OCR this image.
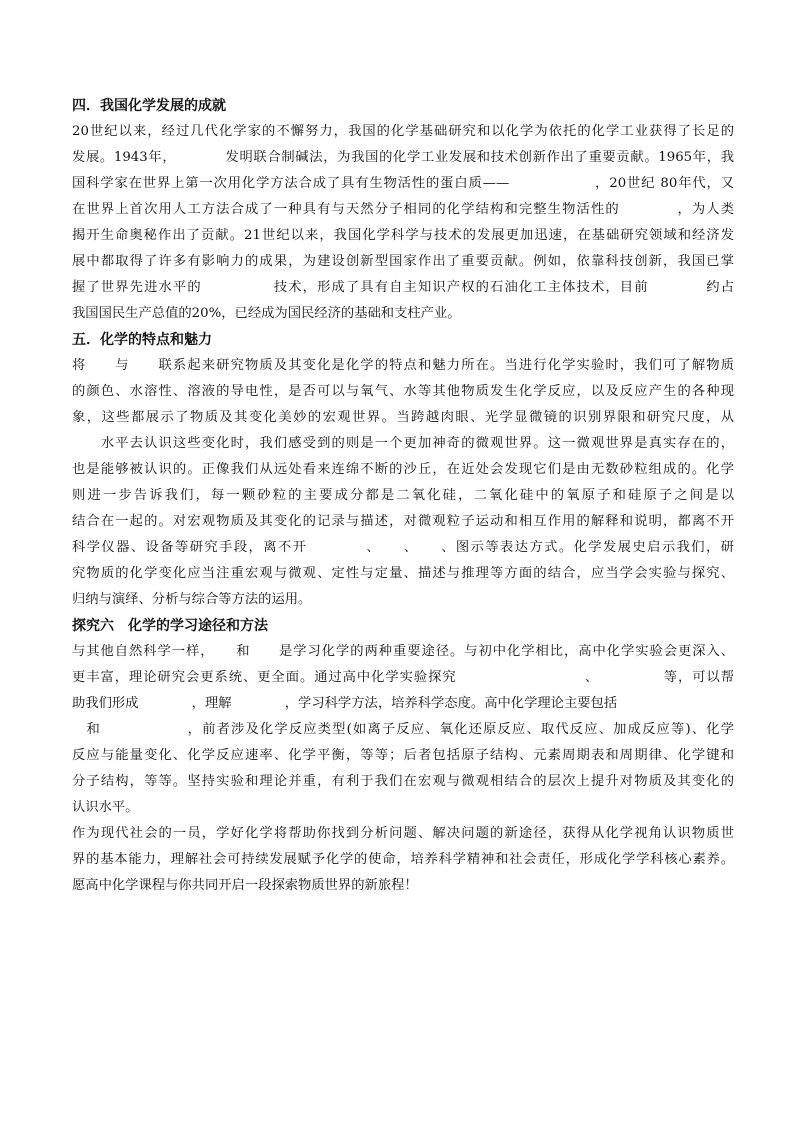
四．我国化学发展的成就
20世纪以来，经过几代化学家的不懈努力，我国的化学基础研究和以化学为依托的化学工业获得了长足的
发展。1943年，　　　　发明联合制碱法，为我国的化学工业发展和技术创新作出了重要贡献。1965年，我
国科学家在世界上第一次用化学方法合成了具有生物活性的蛋白质——　　　　　　，20世纪 80年代，又
在世界上首次用人工方法合成了一种具有与天然分子相同的化学结构和完整生物活性的　　　　，为人类
揭开生命奥秘作出了贡献。21世纪以来，我国化学科学与技术的发展更加迅速，在基础研究领域和经济发
展中都取得了许多有影响力的成果，为建设创新型国家作出了重要贡献。例如，依靠科技创新，我国已掌
握了世界先进水平的　　　　　技术，形成了具有自主知识产权的石油化工主体技术，目前　　　　约占
我国国民生产总值的20%，已经成为国民经济的基础和支柱产业。
五．化学的特点和魅力
将　　与　　联系起来研究物质及其变化是化学的特点和魅力所在。当进行化学实验时，我们可了解物质
的颜色、水溶性、溶液的导电性，是否可以与氧气、水等其他物质发生化学反应，以及反应产生的各种现
象，这些都展示了物质及其变化美妙的宏观世界。当跨越肉眼、光学显微镜的识别界限和研究尺度，从
　　水平去认识这些变化时，我们感受到的则是一个更加神奇的微观世界。这一微观世界是真实存在的，
也是能够被认识的。正像我们从远处看来连绵不断的沙丘，在近处会发现它们是由无数砂粒组成的。化学
则进一步告诉我们，每一颗砂粒的主要成分都是二氧化硅，二氧化硅中的氧原子和硅原子之间是以
结合在一起的。对宏观物质及其变化的记录与描述，对微观粒子运动和相互作用的解释和说明，都离不开
科学仪器、设备等研究手段，离不开　　　　、　　、　　、图示等表达方式。化学发展史启示我们，研
究物质的化学变化应当注重宏观与微观、定性与定量、描述与推理等方面的结合，应当学会实验与探究、
归纳与演绎、分析与综合等方法的运用。
探究六　化学的学习途径和方法
与其他自然科学一样，　　和　　是学习化学的两种重要途径。与初中化学相比，高中化学实验会更深入、
更丰富，理论研究会更系统、更全面。通过高中化学实验探究　　　　　　　　　、　　　　　等，可以帮
助我们形成　　　　，理解　　　　，学习科学方法，培养科学态度。高中化学理论主要包括
　和　　　　　　，前者涉及化学反应类型(如离子反应、氧化还原反应、取代反应、加成反应等)、化学
反应与能量变化、化学反应速率、化学平衡，等等；后者包括原子结构、元素周期表和周期律、化学键和
分子结构，等等。坚持实验和理论并重，有利于我们在宏观与微观相结合的层次上提升对物质及其变化的
认识水平。
作为现代社会的一员，学好化学将帮助你找到分析问题、解决问题的新途径，获得从化学视角认识物质世
界的基本能力，理解社会可持续发展赋予化学的使命，培养科学精神和社会责任，形成化学学科核心素养。
愿高中化学课程与你共同开启一段探索物质世界的新旅程！
